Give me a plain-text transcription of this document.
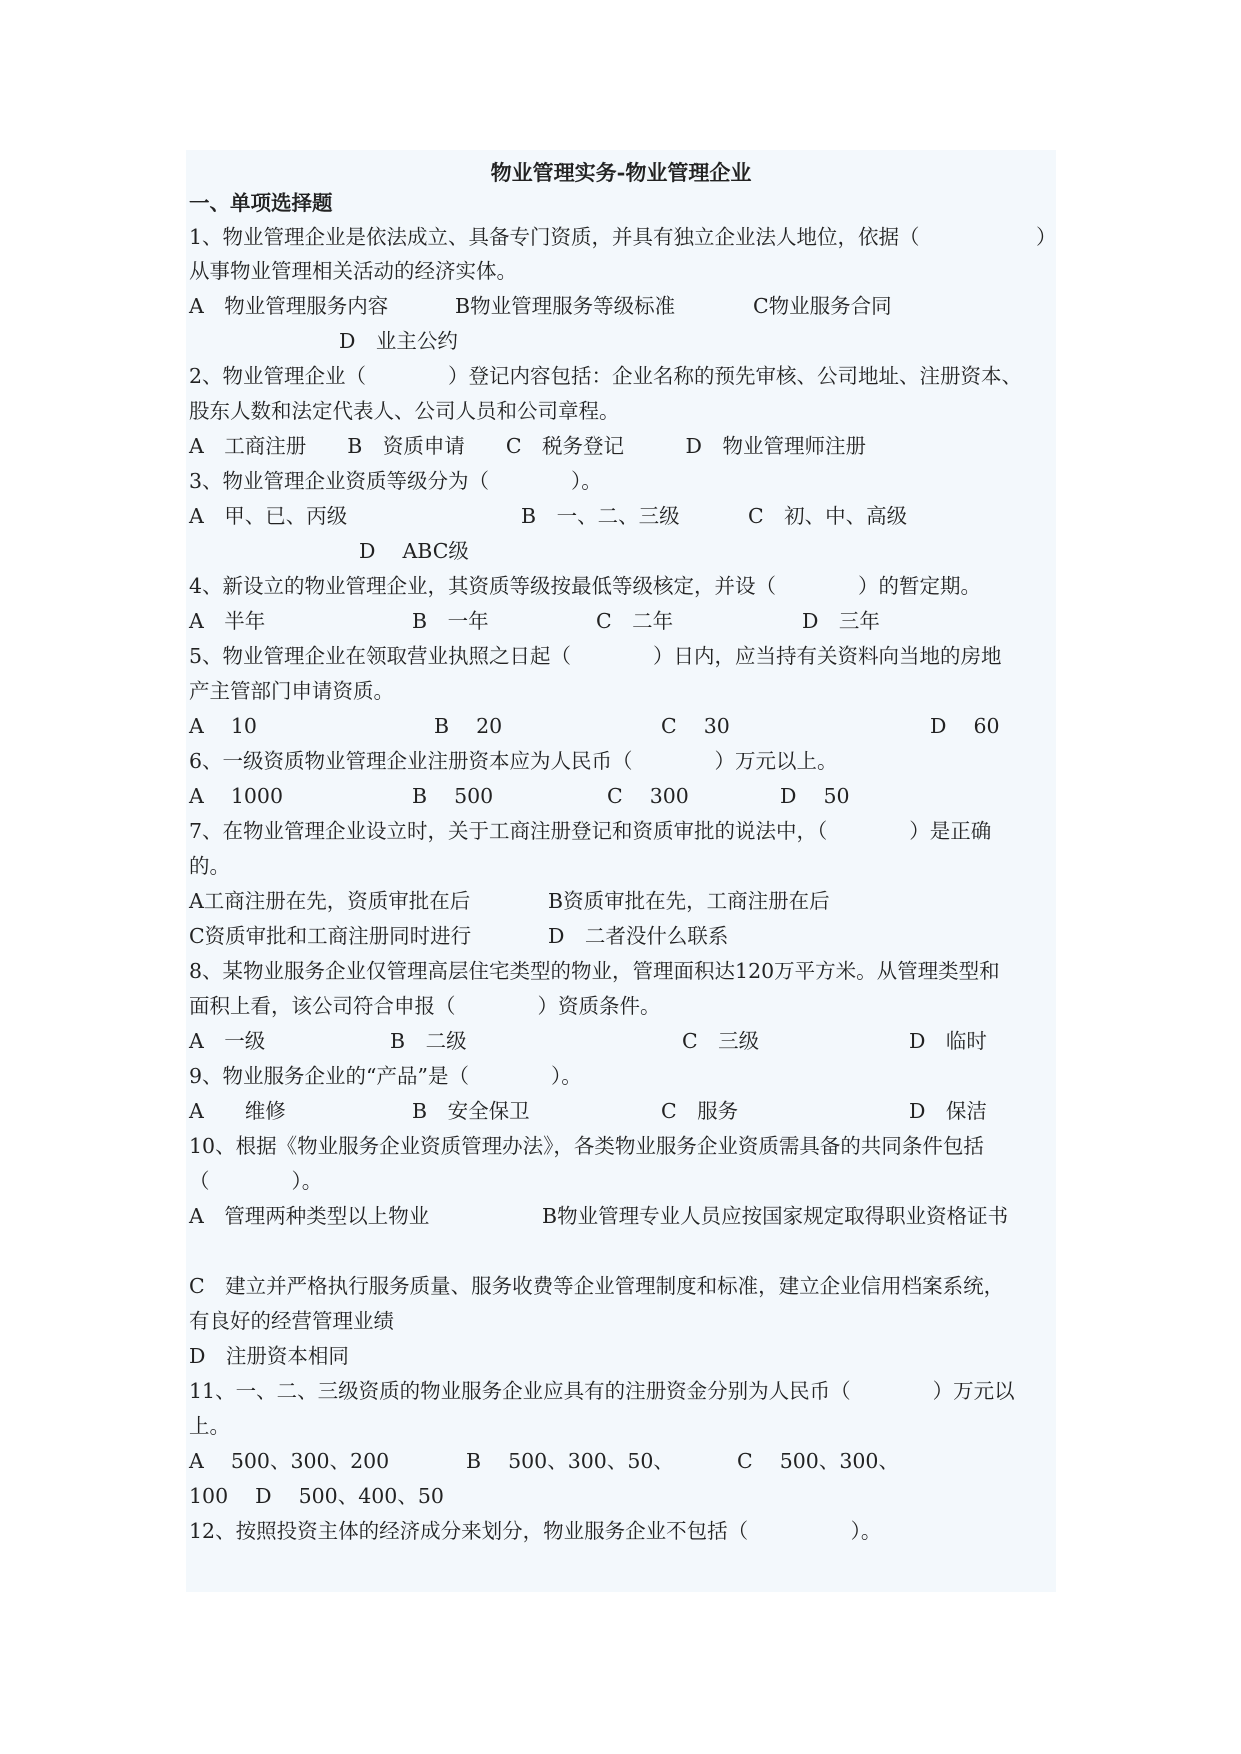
物业管理实务-物业管理企业
一、单项选择题
1、物业管理企业是依法成立、具备专门资质，并具有独立企业法人地位，依据（	）
从事物业管理相关活动的经济实体。
A　物业管理服务内容	B物业管理服务等级标准	C物业服务合同
D　业主公约
2、物业管理企业（　　　　）登记内容包括：企业名称的预先审核、公司地址、注册资本、
股东人数和法定代表人、公司人员和公司章程。
A　工商注册　　B　资质申请　　C　税务登记　　　D　物业管理师注册
3、物业管理企业资质等级分为（　　　　）。
A　甲、已、丙级	B　一、二、三级	C　初、中、高级
D　 ABC级
4、新设立的物业管理企业，其资质等级按最低等级核定，并设（　　　　）的暂定期。
A　半年	B　一年	C　二年	D　三年
5、物业管理企业在领取营业执照之日起（　　　　）日内，应当持有关资料向当地的房地
产主管部门申请资质。
A　 10	B　 20	C　 30	D　 60
6、一级资质物业管理企业注册资本应为人民币（　　　　）万元以上。
A　 1000	B　 500	C　 300	D　 50
7、在物业管理企业设立时，关于工商注册登记和资质审批的说法中，（　　　　）是正确
的。
A工商注册在先，资质审批在后	B资质审批在先，工商注册在后
C资质审批和工商注册同时进行	D　二者没什么联系
8、某物业服务企业仅管理高层住宅类型的物业，管理面积达120万平方米。从管理类型和
面积上看，该公司符合申报（　　　　）资质条件。
A　一级	B　二级	C　三级	D　临时
9、物业服务企业的“产品”是（　　　　）。
A　　维修	B　安全保卫	C　服务	D　保洁
10、根据《物业服务企业资质管理办法》，各类物业服务企业资质需具备的共同条件包括
（　　　　）。
A　管理两种类型以上物业	B物业管理专业人员应按国家规定取得职业资格证书
C　建立并严格执行服务质量、服务收费等企业管理制度和标准，建立企业信用档案系统，
有良好的经营管理业绩
D　注册资本相同
11、一、二、三级资质的物业服务企业应具有的注册资金分别为人民币（　　　　）万元以
上。
A　 500、300、200	B　 500、300、50、	C　 500、300、
100　 D　 500、400、50
12、按照投资主体的经济成分来划分，物业服务企业不包括（　　　　　）。
